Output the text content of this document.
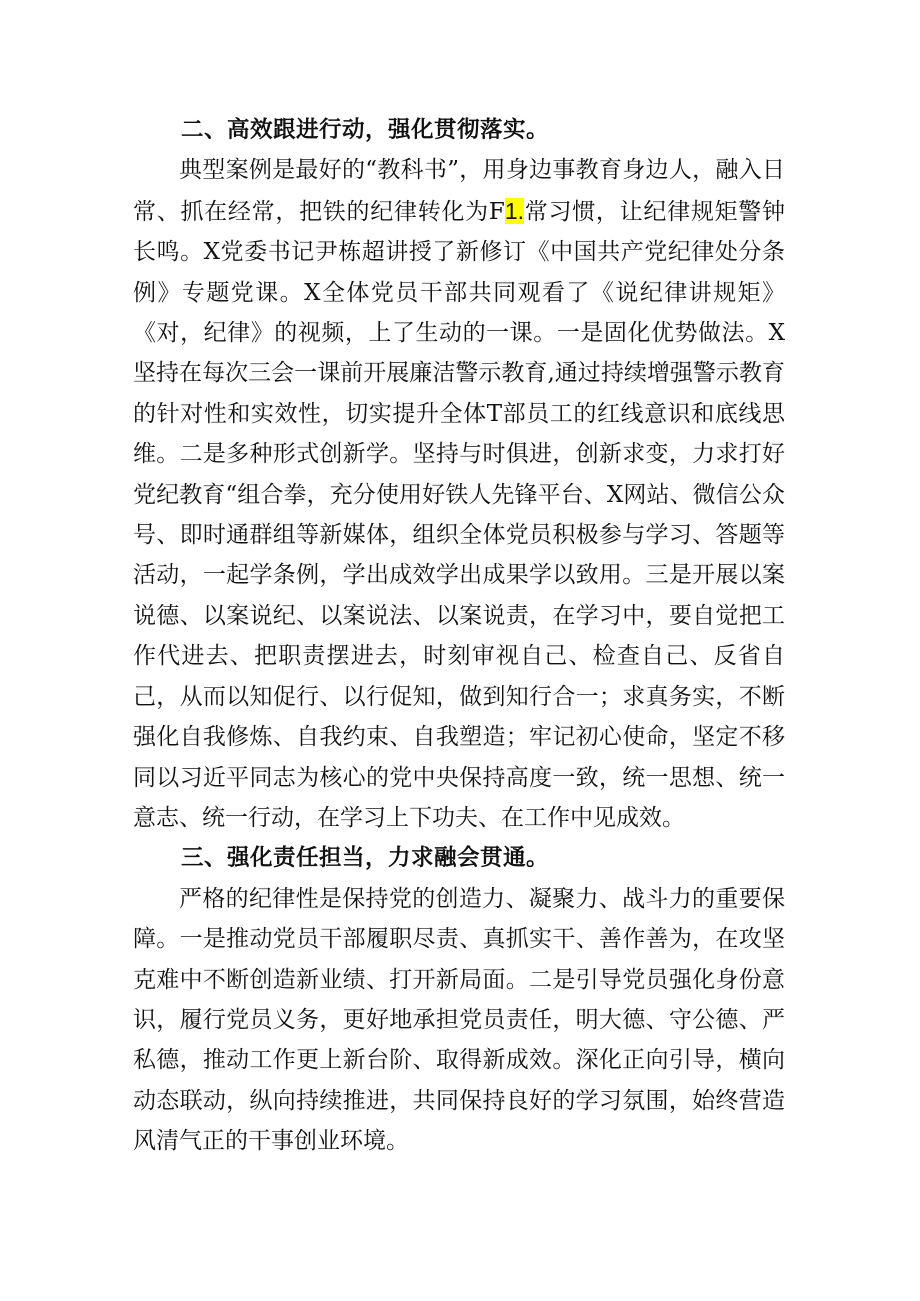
二、高效跟进行动，强化贯彻落实。

典型案例是最好的“教科书”，用身边事教育身边人，融入日常、抓在经常，把铁的纪律转化为F1.常习惯，让纪律规矩警钟长鸣。X党委书记尹栋超讲授了新修订《中国共产党纪律处分条例》专题党课。X全体党员干部共同观看了《说纪律讲规矩》《对，纪律》的视频，上了生动的一课。一是固化优势做法。X坚持在每次三会一课前开展廉洁警示教育,通过持续增强警示教育的针对性和实效性，切实提升全体T部员工的红线意识和底线思维。二是多种形式创新学。坚持与时俱进，创新求变，力求打好党纪教育“组合拳，充分使用好铁人先锋平台、X网站、微信公众号、即时通群组等新媒体，组织全体党员积极参与学习、答题等活动，一起学条例，学出成效学出成果学以致用。三是开展以案说德、以案说纪、以案说法、以案说责，在学习中，要自觉把工作代进去、把职责摆进去，时刻审视自己、检查自己、反省自己，从而以知促行、以行促知，做到知行合一；求真务实，不断强化自我修炼、自我约束、自我塑造；牢记初心使命，坚定不移同以习近平同志为核心的党中央保持高度一致，统一思想、统一意志、统一行动，在学习上下功夫、在工作中见成效。

三、强化责任担当，力求融会贯通。

严格的纪律性是保持党的创造力、凝聚力、战斗力的重要保障。一是推动党员干部履职尽责、真抓实干、善作善为，在攻坚克难中不断创造新业绩、打开新局面。二是引导党员强化身份意识，履行党员义务，更好地承担党员责任，明大德、守公德、严私德，推动工作更上新台阶、取得新成效。深化正向引导，横向动态联动，纵向持续推进，共同保持良好的学习氛围，始终营造风清气正的干事创业环境。
